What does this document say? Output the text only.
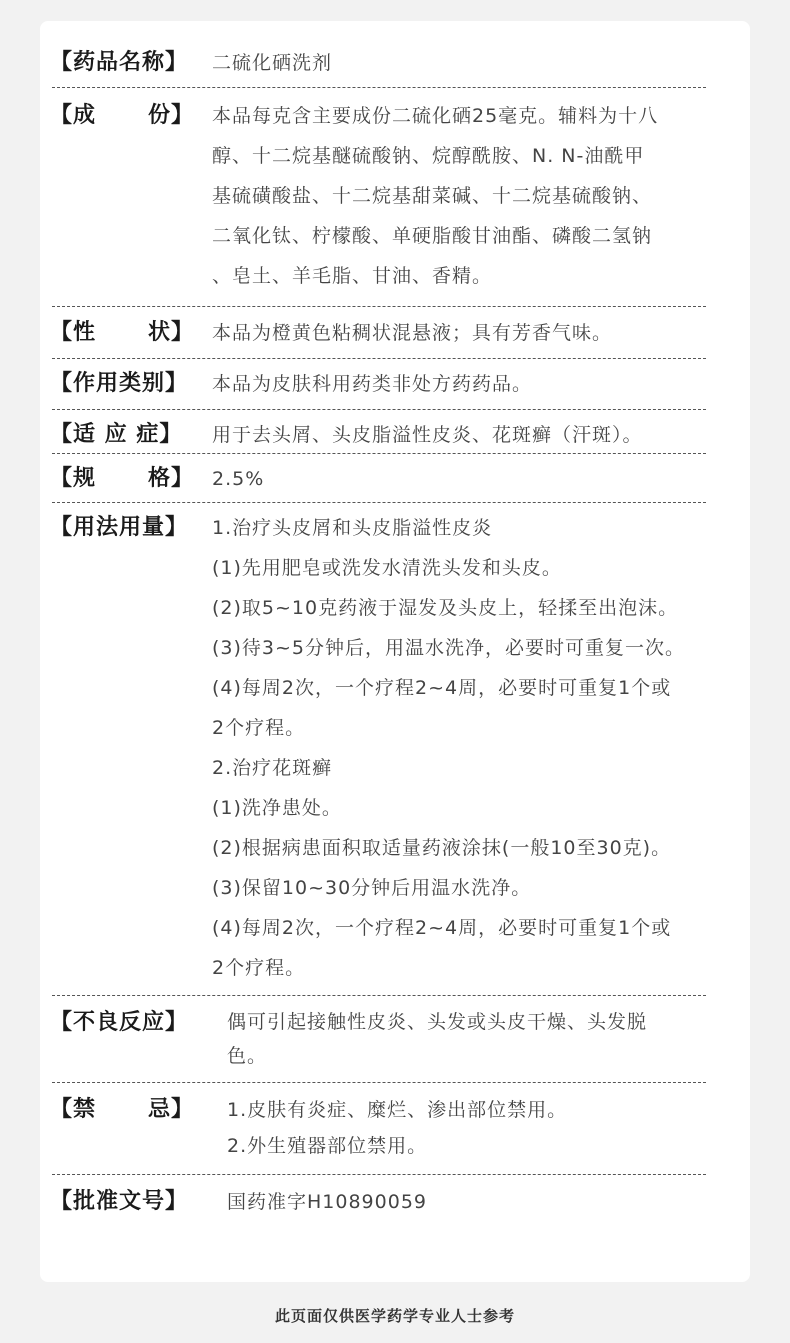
【药品名称】 二硫化硒洗剂

【成      份】 本品每克含主要成份二硫化硒25毫克。辅料为十八

醇、十二烷基醚硫酸钠、烷醇酰胺、N. N-油酰甲

基硫磺酸盐、十二烷基甜菜碱、十二烷基硫酸钠、

二氧化钛、柠檬酸、单硬脂酸甘油酯、磷酸二氢钠

、皂土、羊毛脂、甘油、香精。

【性      状】 本品为橙黄色粘稠状混悬液；具有芳香气味。

【作用类别】 本品为皮肤科用药类非处方药药品。

【适 应 症】 用于去头屑、头皮脂溢性皮炎、花斑癣（汗斑）。

【规      格】 2.5%

【用法用量】 1.治疗头皮屑和头皮脂溢性皮炎

(1)先用肥皂或洗发水清洗头发和头皮。

(2)取5~10克药液于湿发及头皮上，轻揉至出泡沫。

(3)待3~5分钟后，用温水洗净，必要时可重复一次。

(4)每周2次，一个疗程2~4周，必要时可重复1个或

2个疗程。

2.治疗花斑癣

(1)洗净患处。

(2)根据病患面积取适量药液涂抹(一般10至30克)。

(3)保留10~30分钟后用温水洗净。

(4)每周2次，一个疗程2~4周，必要时可重复1个或

2个疗程。

【不良反应】 偶可引起接触性皮炎、头发或头皮干燥、头发脱

色。

【禁      忌】 1.皮肤有炎症、糜烂、渗出部位禁用。

2.外生殖器部位禁用。

【批准文号】 国药准字H10890059

此页面仅供医学药学专业人士参考
